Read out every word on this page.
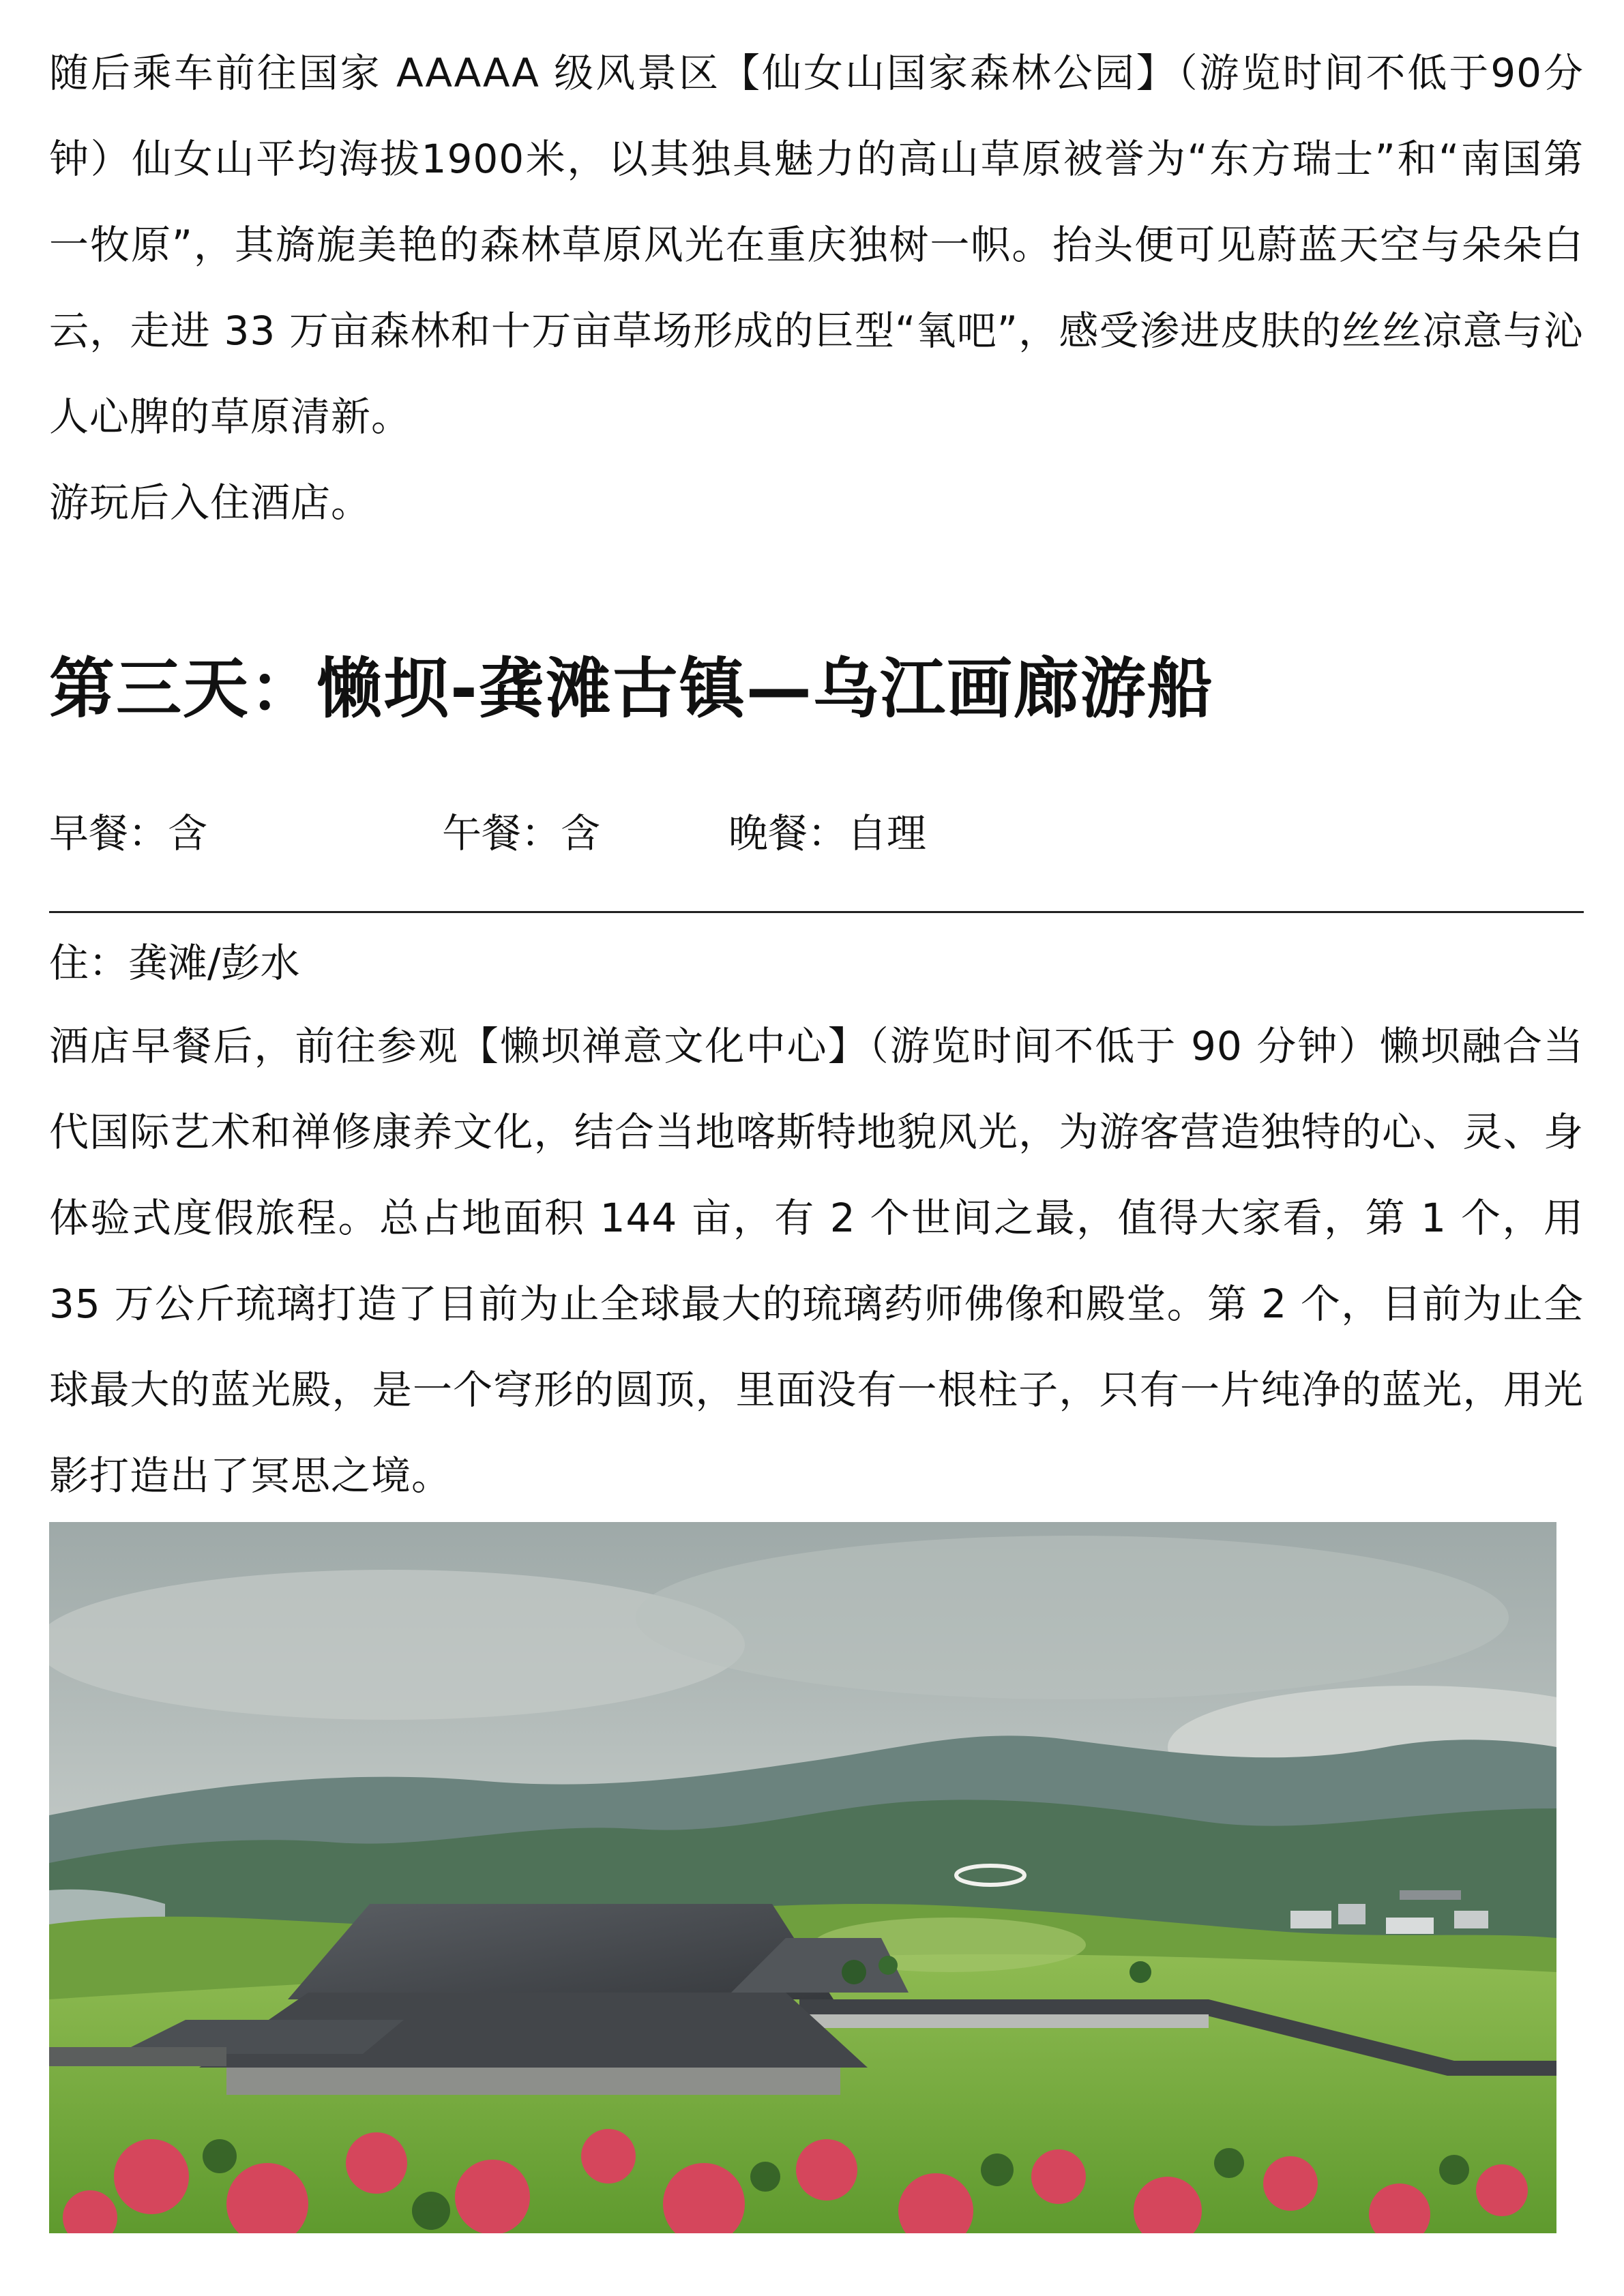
随后乘车前往国家 AAAAA 级风景区【仙女山国家森林公园】（游览时间不低于90分钟）仙女山平均海拔1900米，以其独具魅力的高山草原被誉为“东方瑞士”和“南国第一牧原”，其旖旎美艳的森林草原风光在重庆独树一帜。抬头便可见蔚蓝天空与朵朵白云，走进 33 万亩森林和十万亩草场形成的巨型“氧吧”，感受渗进皮肤的丝丝凉意与沁人心脾的草原清新。

游玩后入住酒店。

第三天：懒坝-龚滩古镇—乌江画廊游船
早餐：含	午餐：含	晚餐：自理
住：龚滩/彭水

酒店早餐后，前往参观【懒坝禅意文化中心】（游览时间不低于 90 分钟）懒坝融合当代国际艺术和禅修康养文化，结合当地喀斯特地貌风光，为游客营造独特的心、灵、身体验式度假旅程。总占地面积 144 亩，有 2 个世间之最，值得大家看，第 1 个，用 35 万公斤琉璃打造了目前为止全球最大的琉璃药师佛像和殿堂。第 2 个，目前为止全球最大的蓝光殿，是一个穹形的圆顶，里面没有一根柱子，只有一片纯净的蓝光，用光影打造出了冥思之境。
